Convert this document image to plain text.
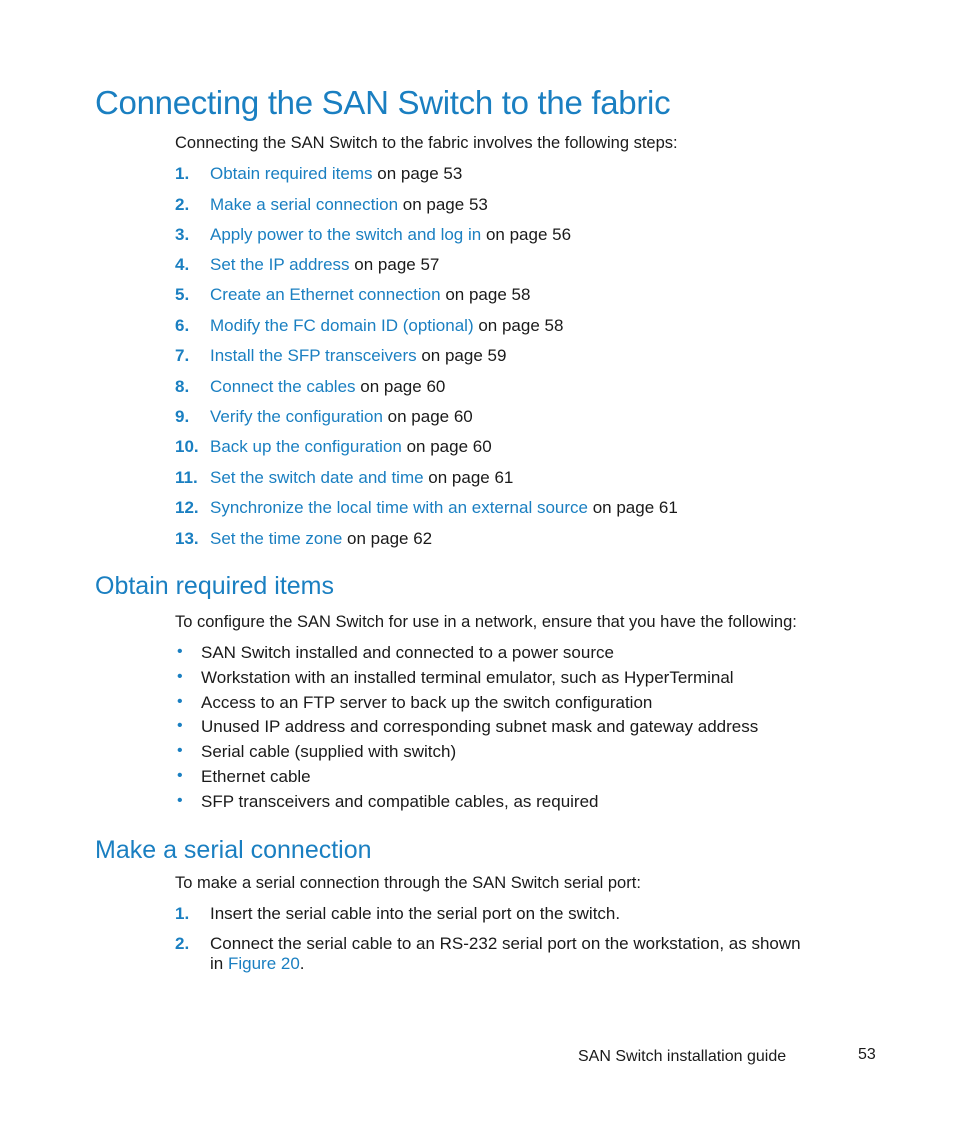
Connecting the SAN Switch to the fabric

Connecting the SAN Switch to the fabric involves the following steps:

1. Obtain required items on page 53
2. Make a serial connection on page 53
3. Apply power to the switch and log in on page 56
4. Set the IP address on page 57
5. Create an Ethernet connection on page 58
6. Modify the FC domain ID (optional) on page 58
7. Install the SFP transceivers on page 59
8. Connect the cables on page 60
9. Verify the configuration on page 60
10. Back up the configuration on page 60
11. Set the switch date and time on page 61
12. Synchronize the local time with an external source on page 61
13. Set the time zone on page 62
Obtain required items

To configure the SAN Switch for use in a network, ensure that you have the following:

• SAN Switch installed and connected to a power source
• Workstation with an installed terminal emulator, such as HyperTerminal
• Access to an FTP server to back up the switch configuration
• Unused IP address and corresponding subnet mask and gateway address
• Serial cable (supplied with switch)
• Ethernet cable
• SFP transceivers and compatible cables, as required
Make a serial connection

To make a serial connection through the SAN Switch serial port:

1. Insert the serial cable into the serial port on the switch.
2. Connect the serial cable to an RS-232 serial port on the workstation, as shown
in Figure 20.
SAN Switch installation guide	53
